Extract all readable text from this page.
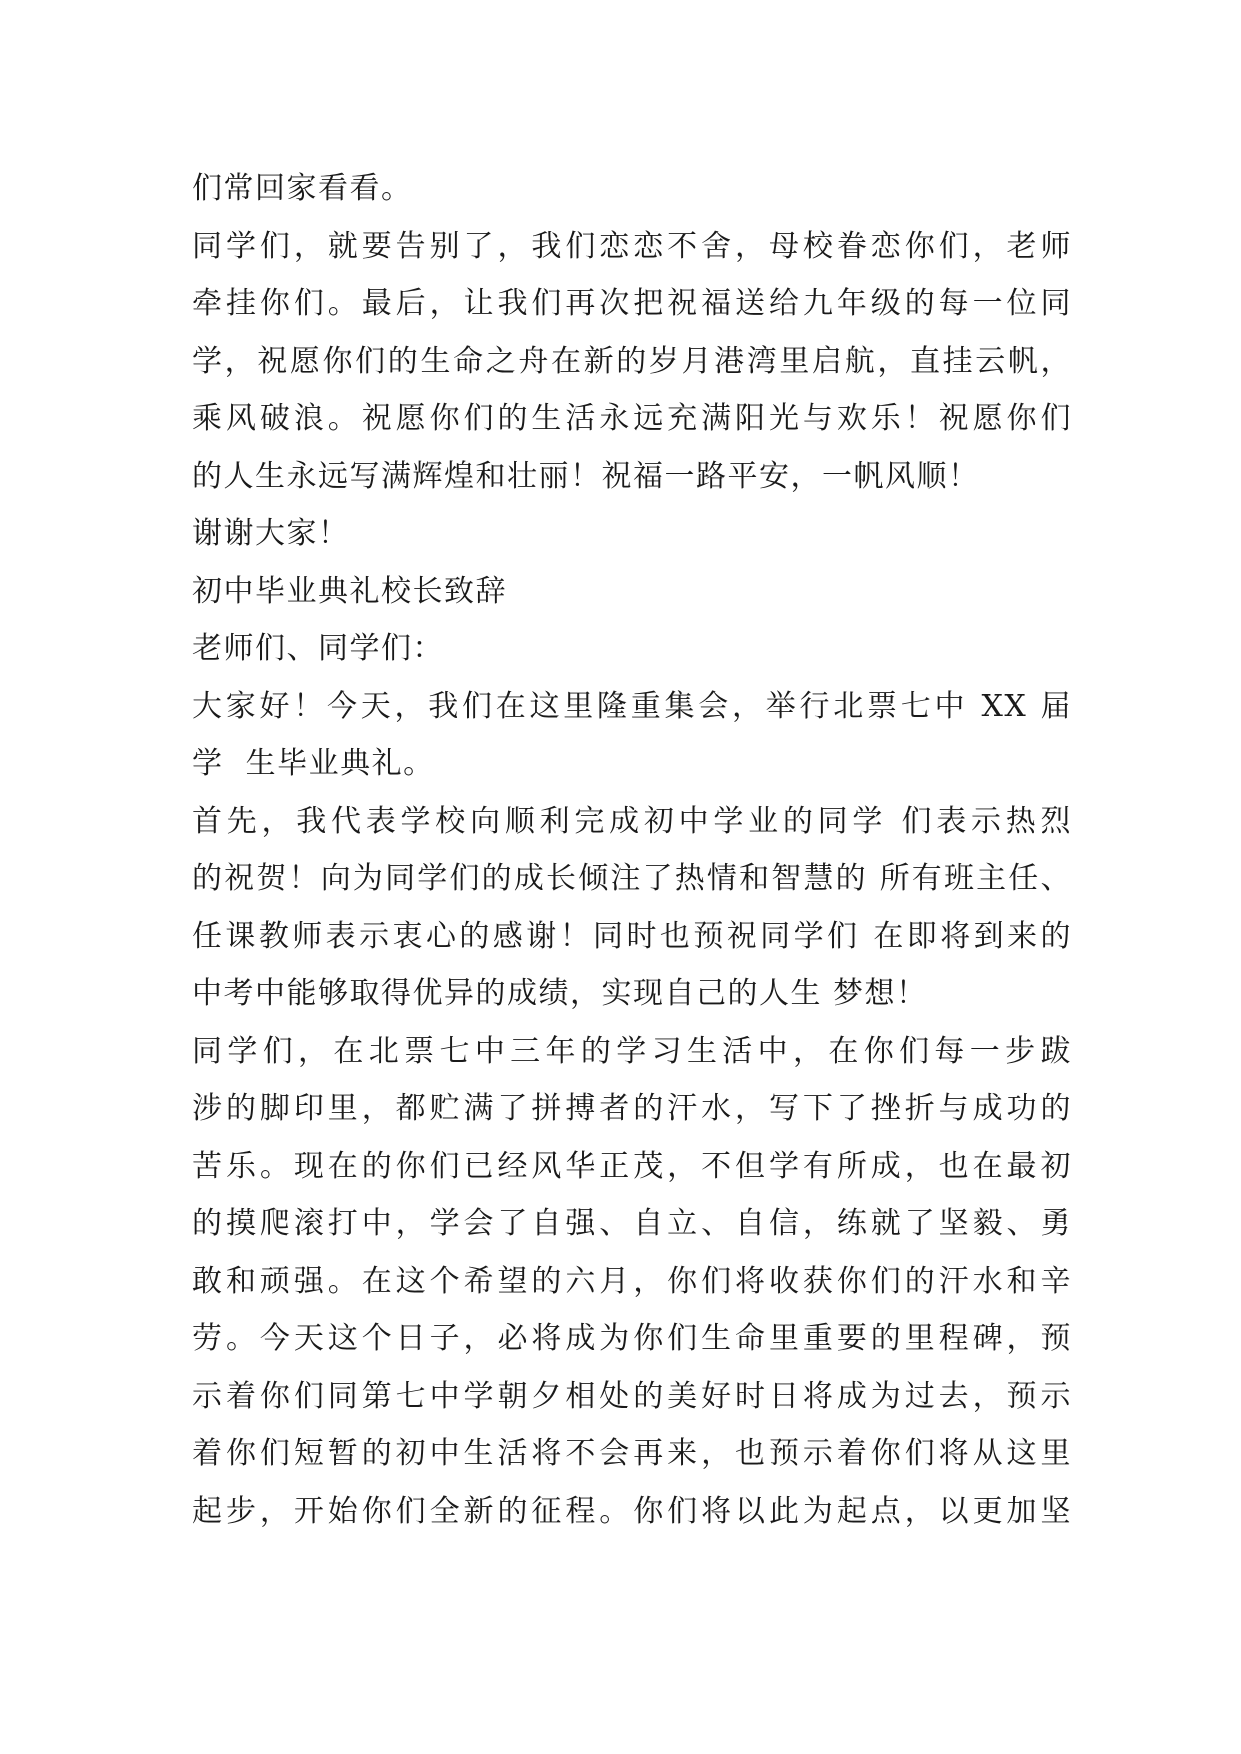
们常回家看看。
同学们，就要告别了，我们恋恋不舍，母校眷恋你们，老师
牵挂你们。最后，让我们再次把祝福送给九年级的每一位同
学，祝愿你们的生命之舟在新的岁月港湾里启航，直挂云帆，
乘风破浪。祝愿你们的生活永远充满阳光与欢乐！祝愿你们
的人生永远写满辉煌和壮丽！祝福一路平安，一帆风顺！
谢谢大家！
初中毕业典礼校长致辞
老师们、同学们：
大家好！今天，我们在这里隆重集会，举行北票七中 XX 届
学  生毕业典礼。
首先，我代表学校向顺利完成初中学业的同学 们表示热烈
的祝贺！向为同学们的成长倾注了热情和智慧的 所有班主任、
任课教师表示衷心的感谢！同时也预祝同学们 在即将到来的
中考中能够取得优异的成绩，实现自己的人生 梦想！
同学们，在北票七中三年的学习生活中，在你们每一步跋
涉的脚印里，都贮满了拼搏者的汗水，写下了挫折与成功的
苦乐。现在的你们已经风华正茂，不但学有所成，也在最初
的摸爬滚打中，学会了自强、自立、自信，练就了坚毅、勇
敢和顽强。在这个希望的六月，你们将收获你们的汗水和辛
劳。今天这个日子，必将成为你们生命里重要的里程碑，预
示着你们同第七中学朝夕相处的美好时日将成为过去，预示
着你们短暂的初中生活将不会再来，也预示着你们将从这里
起步，开始你们全新的征程。你们将以此为起点，以更加坚
